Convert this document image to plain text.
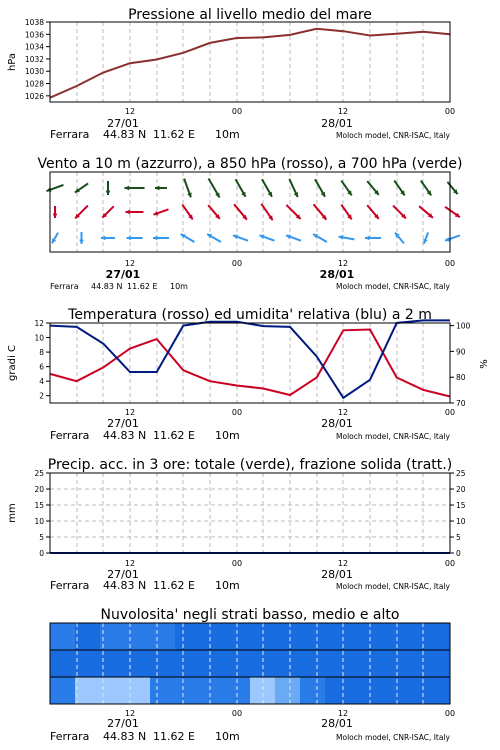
Pressione al livello medio del mare
hPa
1026
1028
1030
1032
1034
1036
1038
12	00	12	00
27/01	28/01
Ferrara 44.83 N 11.62 E 10m	Moloch model, CNR-ISAC, Italy
Vento a 10 m (azzurro), a 850 hPa (rosso), a 700 hPa (verde)
12	00	12	00
27/01	28/01
Ferrara 44.83 N 11.62 E 10m	Moloch model, CNR-ISAC, Italy
Temperatura (rosso) ed umidita' relativa (blu) a 2 m
gradi C	%
2
4
6
8
10
12
70
80
90
100
12	00	12	00
27/01	28/01
Ferrara 44.83 N 11.62 E 10m	Moloch model, CNR-ISAC, Italy
Precip. acc. in 3 ore: totale (verde), frazione solida (tratt.)
mm
0
5
10
15
20
25
0
5
10
15
20
25
12	00	12	00
27/01	28/01
Ferrara 44.83 N 11.62 E 10m	Moloch model, CNR-ISAC, Italy
Nuvolosita' negli strati basso, medio e alto
12	00	12	00
27/01	28/01
Ferrara 44.83 N 11.62 E 10m	Moloch model, CNR-ISAC, Italy
